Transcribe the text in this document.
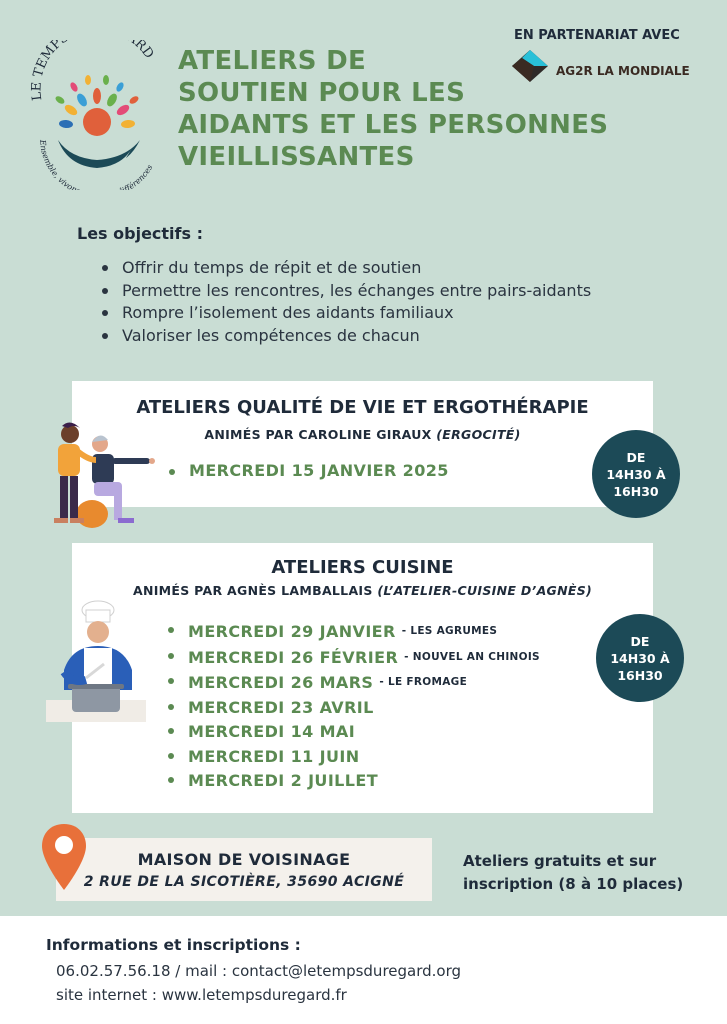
LE TEMP RD
Ensemble, vivon différences
ATELIERS DE
SOUTIEN POUR LES
AIDANTS ET LES PERSONNES
VIEILLISSANTES
EN PARTENARIAT AVEC
AG2R LA MONDIALE
Les objectifs :
Offrir du temps de répit et de soutien
Permettre les rencontres, les échanges entre pairs-aidants
Rompre l’isolement des aidants familiaux
Valoriser les compétences de chacun
ATELIERS QUALITÉ DE VIE ET ERGOTHÉRAPIE
ANIMÉS PAR CAROLINE GIRAUX (ERGOCITÉ)
MERCREDI 15 JANVIER 2025
DE
14H30 À
16H30
ATELIERS CUISINE
ANIMÉS PAR AGNÈS LAMBALLAIS (L’ATELIER-CUISINE D’AGNÈS)
MERCREDI 29 JANVIER - LES AGRUMES
MERCREDI 26 FÉVRIER - NOUVEL AN CHINOIS
MERCREDI 26 MARS - LE FROMAGE
MERCREDI 23 AVRIL
MERCREDI 14 MAI
MERCREDI 11 JUIN
MERCREDI 2 JUILLET
DE
14H30 À
16H30
MAISON DE VOISINAGE
2 RUE DE LA SICOTIÈRE, 35690 ACIGNÉ
Ateliers gratuits et sur inscription (8 à 10 places)
Informations et inscriptions :
06.02.57.56.18 / mail : contact@letempsduregard.org
site internet : www.letempsduregard.fr
